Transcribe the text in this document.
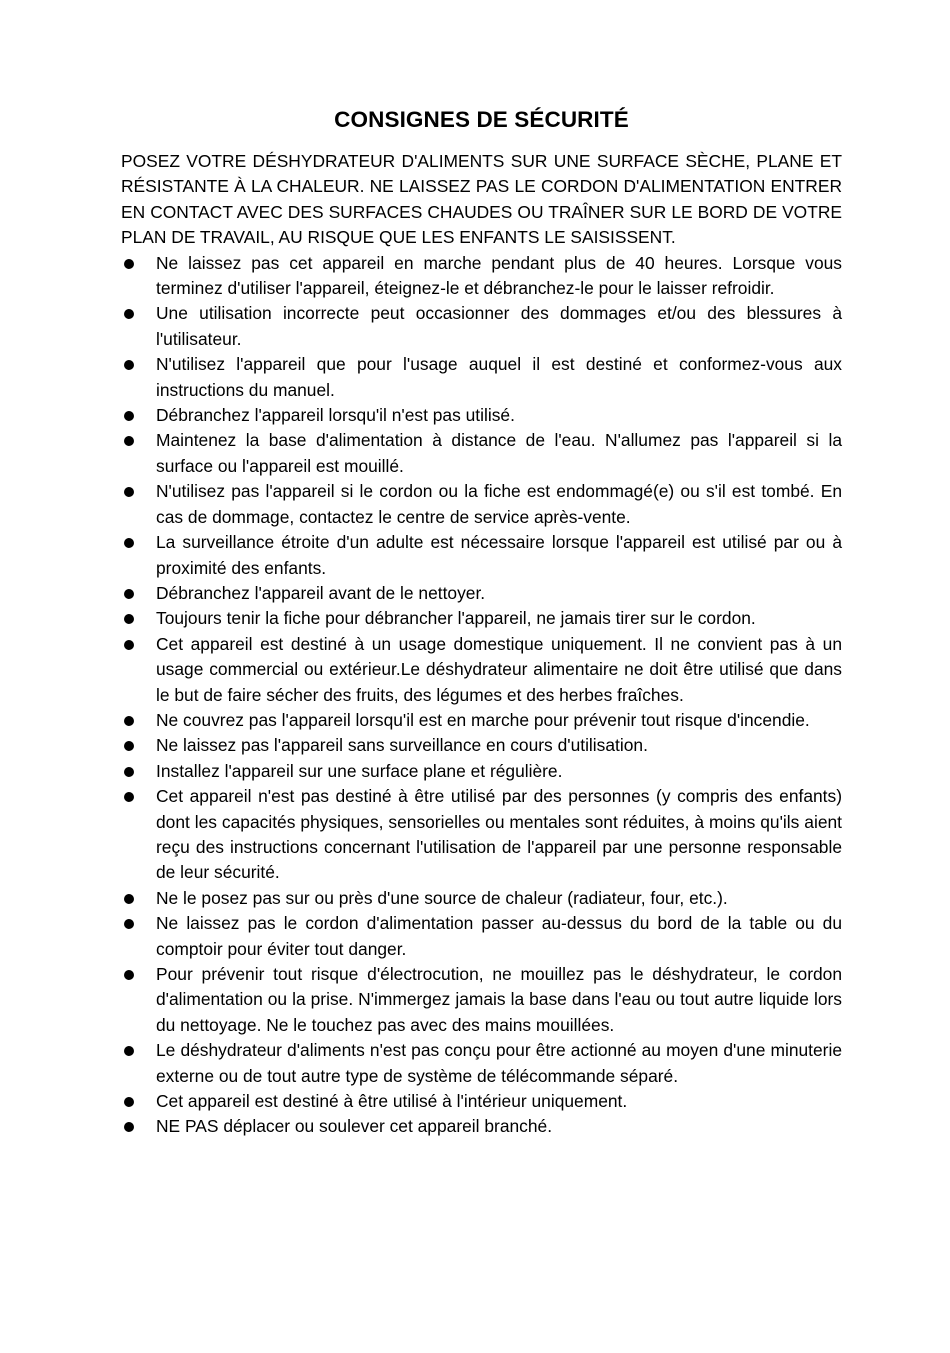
CONSIGNES DE SÉCURITÉ

POSEZ VOTRE DÉSHYDRATEUR D'ALIMENTS SUR UNE SURFACE SÈCHE, PLANE ET RÉSISTANTE À LA CHALEUR. NE LAISSEZ PAS LE CORDON D'ALIMENTATION ENTRER EN CONTACT AVEC DES SURFACES CHAUDES OU TRAÎNER SUR LE BORD DE VOTRE PLAN DE TRAVAIL, AU RISQUE QUE LES ENFANTS LE SAISISSENT.

Ne laissez pas cet appareil en marche pendant plus de 40 heures. Lorsque vous terminez d'utiliser l'appareil, éteignez-le et débranchez-le pour le laisser refroidir.
Une utilisation incorrecte peut occasionner des dommages et/ou des blessures à l'utilisateur.
N'utilisez l'appareil que pour l'usage auquel il est destiné et conformez-vous aux instructions du manuel.
Débranchez l'appareil lorsqu'il n'est pas utilisé.
Maintenez la base d'alimentation à distance de l'eau. N'allumez pas l'appareil si la surface ou l'appareil est mouillé.
N'utilisez pas l'appareil si le cordon ou la fiche est endommagé(e) ou s'il est tombé. En cas de dommage, contactez le centre de service après-vente.
La surveillance étroite d'un adulte est nécessaire lorsque l'appareil est utilisé par ou à proximité des enfants.
Débranchez l'appareil avant de le nettoyer.
Toujours tenir la fiche pour débrancher l'appareil, ne jamais tirer sur le cordon.
Cet appareil est destiné à un usage domestique uniquement. Il ne convient pas à un usage commercial ou extérieur.Le déshydrateur alimentaire ne doit être utilisé que dans le but de faire sécher des fruits, des légumes et des herbes fraîches.
Ne couvrez pas l'appareil lorsqu'il est en marche pour prévenir tout risque d'incendie.
Ne laissez pas l'appareil sans surveillance en cours d'utilisation.
Installez l'appareil sur une surface plane et régulière.
Cet appareil n'est pas destiné à être utilisé par des personnes (y compris des enfants) dont les capacités physiques, sensorielles ou mentales sont réduites, à moins qu'ils aient reçu des instructions concernant l'utilisation de l'appareil par une personne responsable de leur sécurité.
Ne le posez pas sur ou près d'une source de chaleur (radiateur, four, etc.).
Ne laissez pas le cordon d'alimentation passer au-dessus du bord de la table ou du comptoir pour éviter tout danger.
Pour prévenir tout risque d'électrocution, ne mouillez pas le déshydrateur, le cordon d'alimentation ou la prise. N'immergez jamais la base dans l'eau ou tout autre liquide lors du nettoyage. Ne le touchez pas avec des mains mouillées.
Le déshydrateur d'aliments n'est pas conçu pour être actionné au moyen d'une minuterie externe ou de tout autre type de système de télécommande séparé.
Cet appareil est destiné à être utilisé à l'intérieur uniquement.
NE PAS déplacer ou soulever cet appareil branché.
